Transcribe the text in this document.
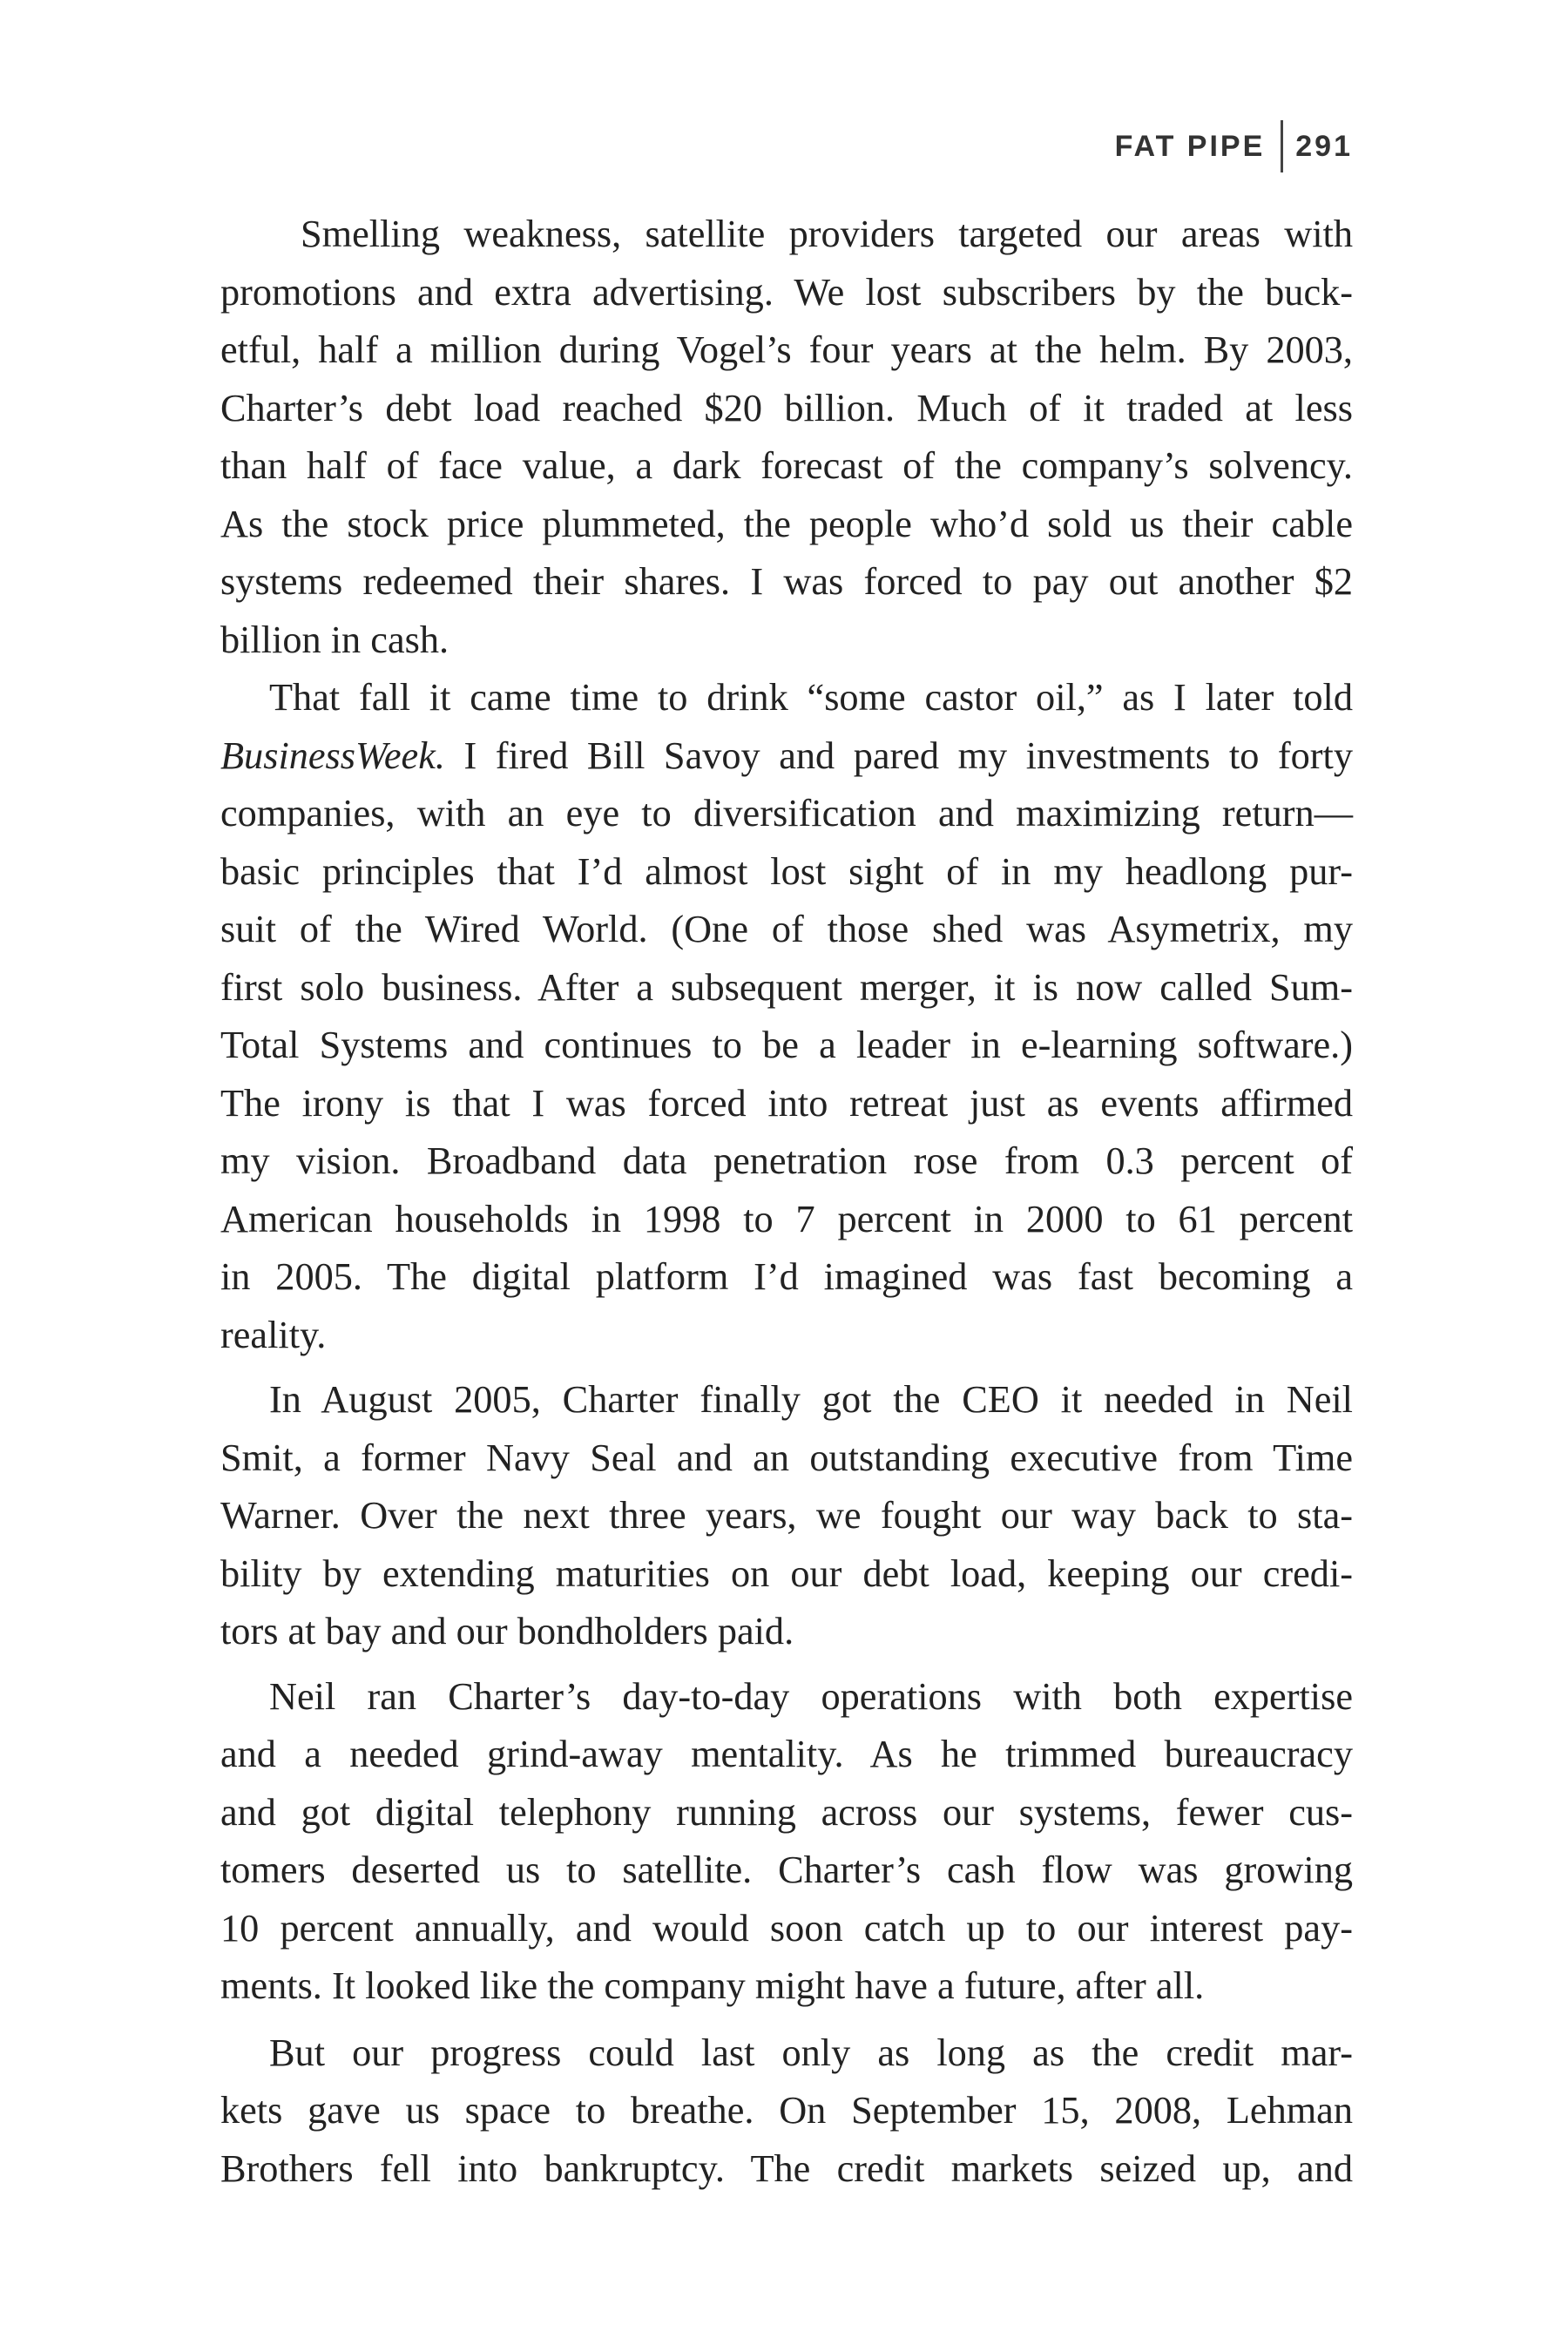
FAT PIPE 291
Smelling weakness, satellite providers targeted our areas with
promotions and extra advertising. We lost subscribers by the buck-
etful, half a million during Vogel’s four years at the helm. By 2003,
Charter’s debt load reached $20 billion. Much of it traded at less
than half of face value, a dark forecast of the company’s solvency.
As the stock price plummeted, the people who’d sold us their cable
systems redeemed their shares. I was forced to pay out another $2
billion in cash.
That fall it came time to drink “some castor oil,” as I later told
BusinessWeek. I fired Bill Savoy and pared my investments to forty
companies, with an eye to diversification and maximizing return—
basic principles that I’d almost lost sight of in my headlong pur-
suit of the Wired World. (One of those shed was Asymetrix, my
first solo business. After a subsequent merger, it is now called Sum-
Total Systems and continues to be a leader in e-learning software.)
The irony is that I was forced into retreat just as events affirmed
my vision. Broadband data penetration rose from 0.3 percent of
American households in 1998 to 7 percent in 2000 to 61 percent
in 2005. The digital platform I’d imagined was fast becoming a
reality.
In August 2005, Charter finally got the CEO it needed in Neil
Smit, a former Navy Seal and an outstanding executive from Time
Warner. Over the next three years, we fought our way back to sta-
bility by extending maturities on our debt load, keeping our credi-
tors at bay and our bondholders paid.
Neil ran Charter’s day-to-day operations with both expertise
and a needed grind-away mentality. As he trimmed bureaucracy
and got digital telephony running across our systems, fewer cus-
tomers deserted us to satellite. Charter’s cash flow was growing
10 percent annually, and would soon catch up to our interest pay-
ments. It looked like the company might have a future, after all.
But our progress could last only as long as the credit mar-
kets gave us space to breathe. On September 15, 2008, Lehman
Brothers fell into bankruptcy. The credit markets seized up, and
